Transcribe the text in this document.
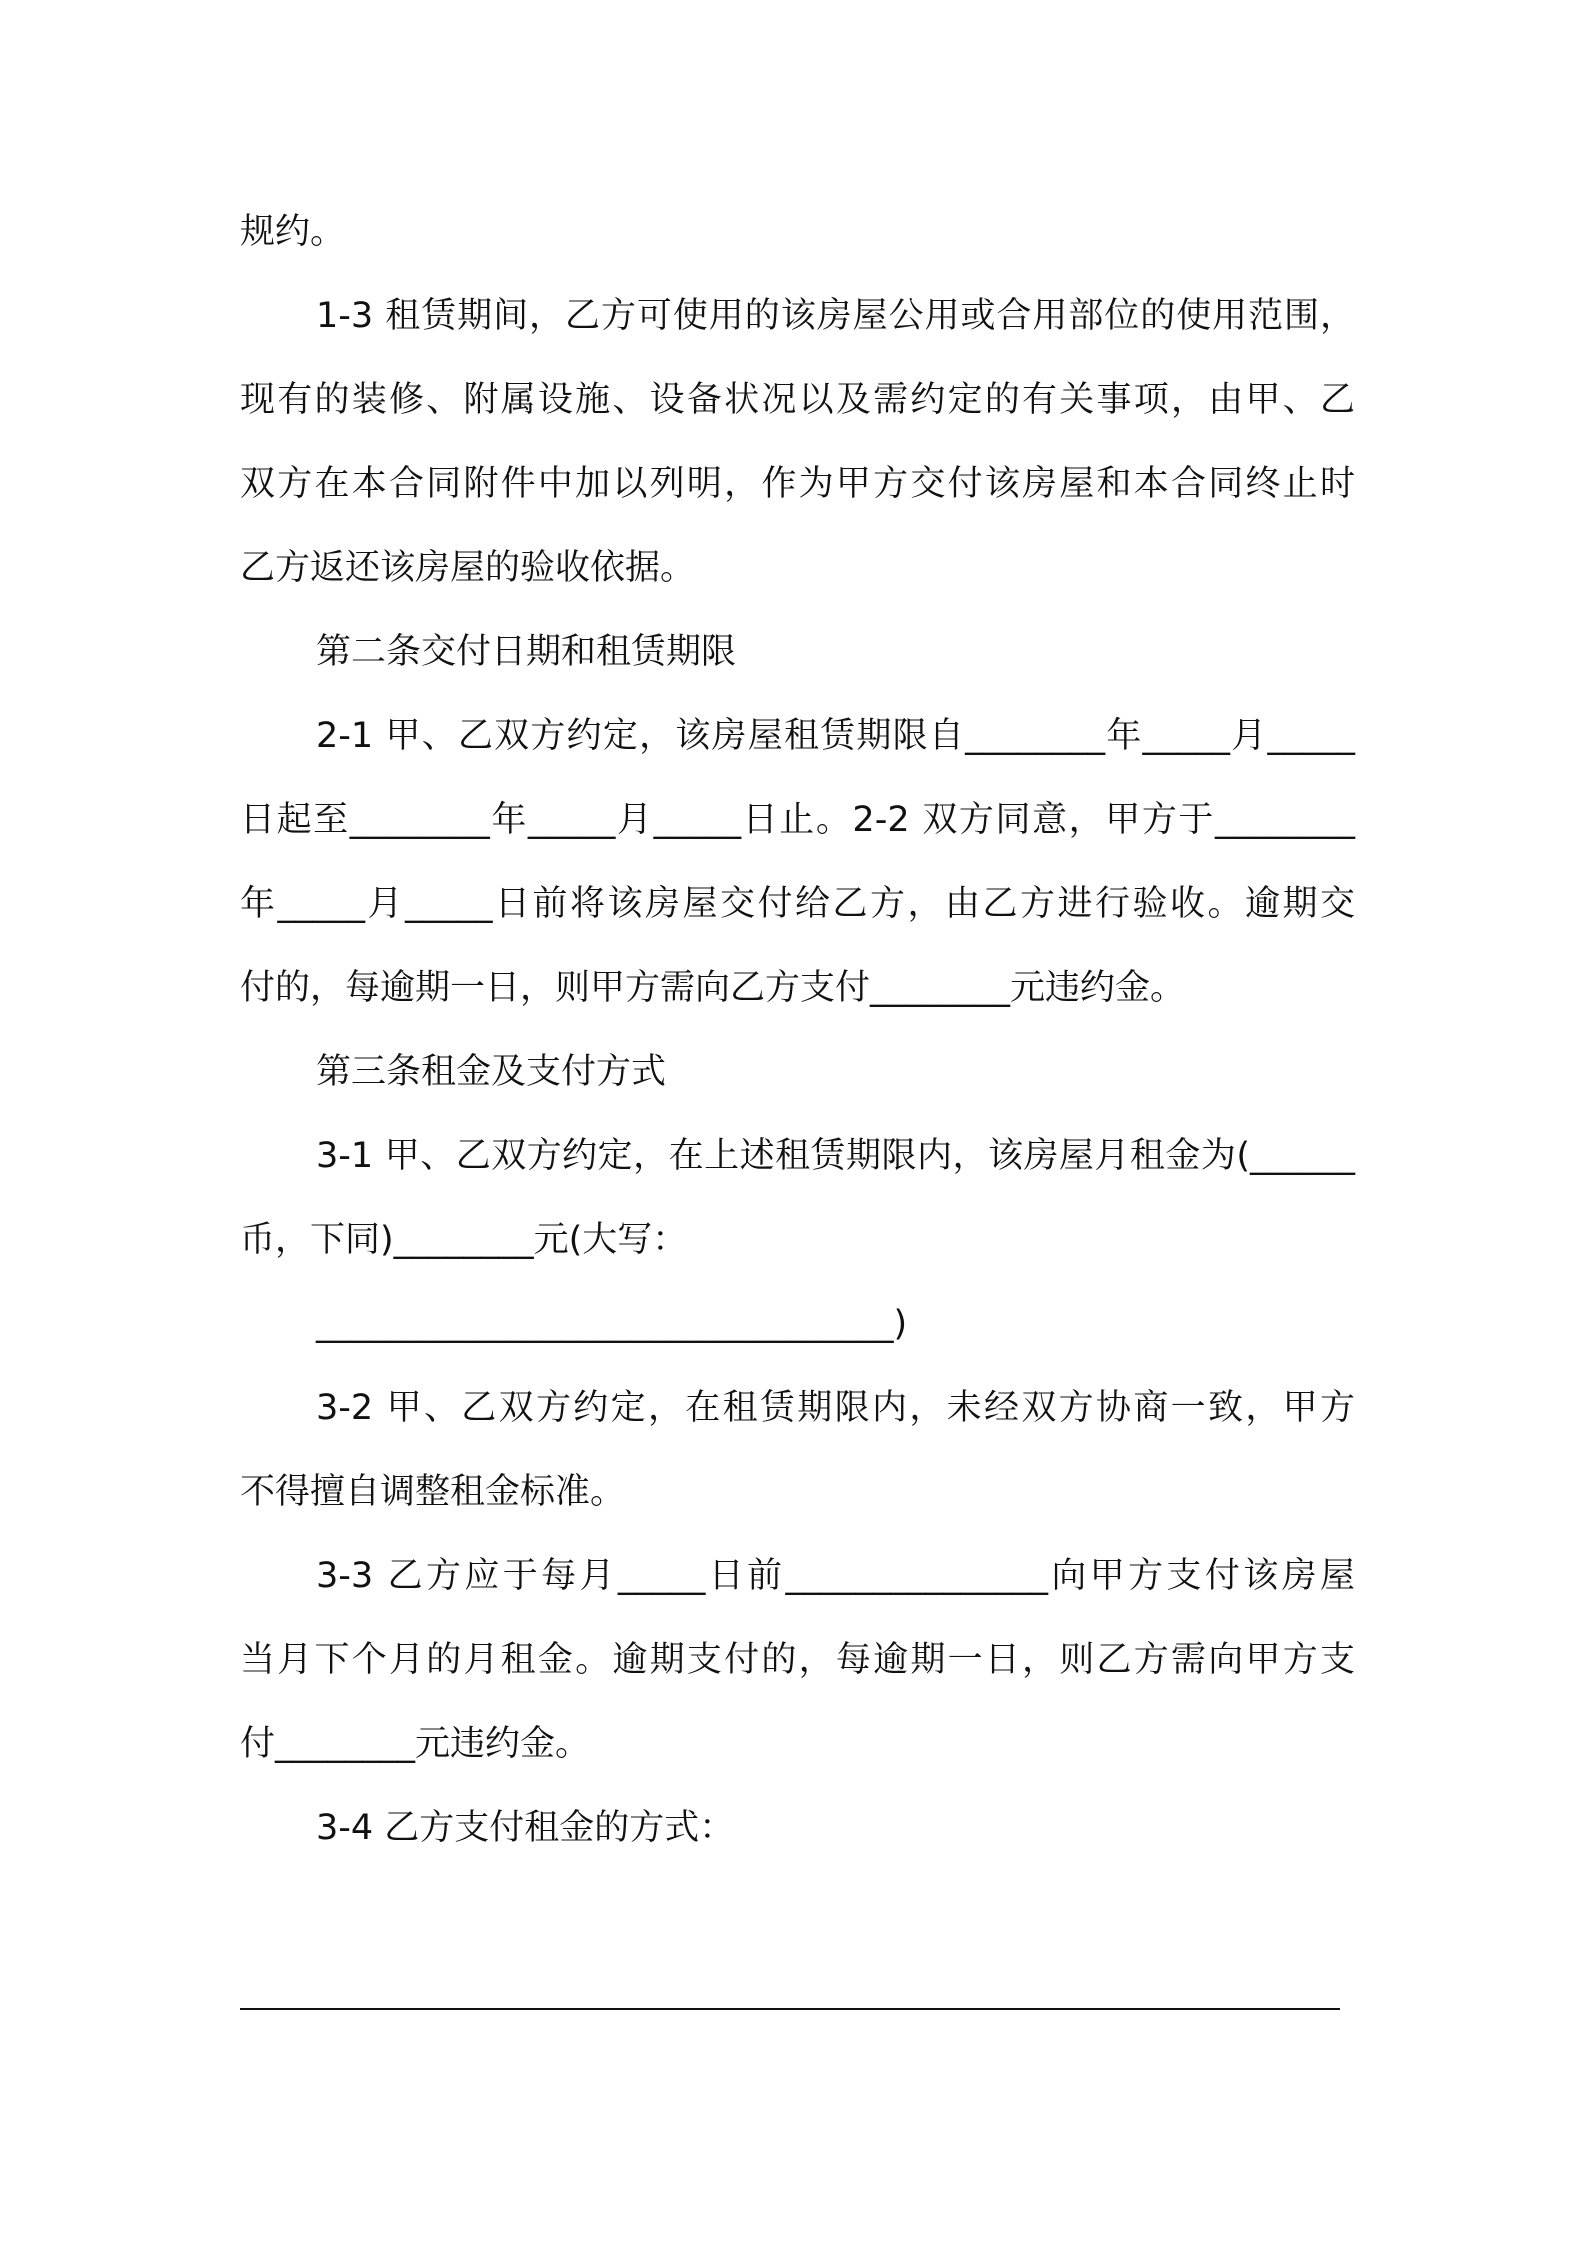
规约。
1-3 租赁期间，乙方可使用的该房屋公用或合用部位的使用范围，
现有的装修、附属设施、设备状况以及需约定的有关事项，由甲、乙
双方在本合同附件中加以列明，作为甲方交付该房屋和本合同终止时
乙方返还该房屋的验收依据。
第二条交付日期和租赁期限
2-1 甲、乙双方约定，该房屋租赁期限自________年_____月_____
日起至________年_____月_____日止。2-2 双方同意，甲方于________
年_____月_____日前将该房屋交付给乙方，由乙方进行验收。逾期交
付的，每逾期一日，则甲方需向乙方支付________元违约金。
第三条租金及支付方式
3-1 甲、乙双方约定，在上述租赁期限内，该房屋月租金为(______
币，下同)________元(大写：
_________________________________)
3-2 甲、乙双方约定，在租赁期限内，未经双方协商一致，甲方
不得擅自调整租金标准。
3-3 乙方应于每月_____日前_______________向甲方支付该房屋
当月下个月的月租金。逾期支付的，每逾期一日，则乙方需向甲方支
付________元违约金。
3-4 乙方支付租金的方式：
